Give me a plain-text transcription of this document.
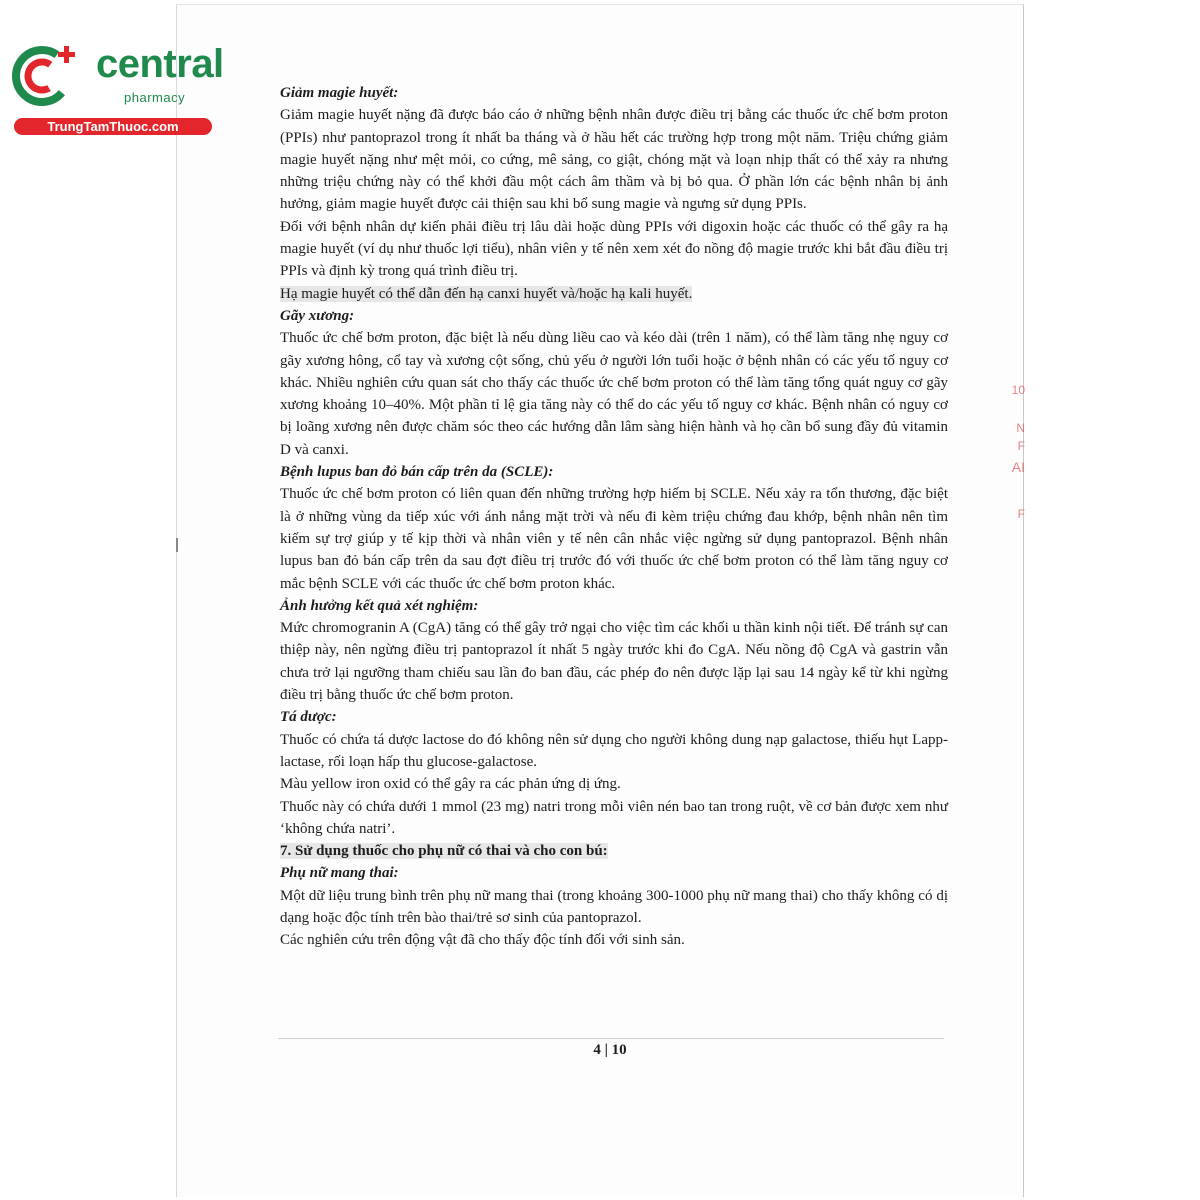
central
pharmacy
TrungTamThuoc.com
10
N
F
AI
F

Giảm magie huyết:

Giảm magie huyết nặng đã được báo cáo ở những bệnh nhân được điều trị bằng các thuốc ức chế bơm proton (PPIs) như pantoprazol trong ít nhất ba tháng và ở hầu hết các trường hợp trong một năm. Triệu chứng giảm magie huyết nặng như mệt mỏi, co cứng, mê sảng, co giật, chóng mặt và loạn nhịp thất có thể xảy ra nhưng những triệu chứng này có thể khởi đầu một cách âm thầm và bị bỏ qua. Ở phần lớn các bệnh nhân bị ảnh hưởng, giảm magie huyết được cải thiện sau khi bổ sung magie và ngưng sử dụng PPIs.

Đối với bệnh nhân dự kiến phải điều trị lâu dài hoặc dùng PPIs với digoxin hoặc các thuốc có thể gây ra hạ magie huyết (ví dụ như thuốc lợi tiểu), nhân viên y tế nên xem xét đo nồng độ magie trước khi bắt đầu điều trị PPIs và định kỳ trong quá trình điều trị.

Hạ magie huyết có thể dẫn đến hạ canxi huyết và/hoặc hạ kali huyết.

Gãy xương:

Thuốc ức chế bơm proton, đặc biệt là nếu dùng liều cao và kéo dài (trên 1 năm), có thể làm tăng nhẹ nguy cơ gãy xương hông, cổ tay và xương cột sống, chủ yếu ở người lớn tuổi hoặc ở bệnh nhân có các yếu tố nguy cơ khác. Nhiều nghiên cứu quan sát cho thấy các thuốc ức chế bơm proton có thể làm tăng tổng quát nguy cơ gãy xương khoảng 10–40%. Một phần tỉ lệ gia tăng này có thể do các yếu tố nguy cơ khác. Bệnh nhân có nguy cơ bị loãng xương nên được chăm sóc theo các hướng dẫn lâm sàng hiện hành và họ cần bổ sung đầy đủ vitamin D và canxi.

Bệnh lupus ban đỏ bán cấp trên da (SCLE):

Thuốc ức chế bơm proton có liên quan đến những trường hợp hiếm bị SCLE. Nếu xảy ra tổn thương, đặc biệt là ở những vùng da tiếp xúc với ánh nắng mặt trời và nếu đi kèm triệu chứng đau khớp, bệnh nhân nên tìm kiếm sự trợ giúp y tế kịp thời và nhân viên y tế nên cân nhắc việc ngừng sử dụng pantoprazol. Bệnh nhân lupus ban đỏ bán cấp trên da sau đợt điều trị trước đó với thuốc ức chế bơm proton có thể làm tăng nguy cơ mắc bệnh SCLE với các thuốc ức chế bơm proton khác.

Ảnh hưởng kết quả xét nghiệm:

Mức chromogranin A (CgA) tăng có thể gây trở ngại cho việc tìm các khối u thần kinh nội tiết. Để tránh sự can thiệp này, nên ngừng điều trị pantoprazol ít nhất 5 ngày trước khi đo CgA. Nếu nồng độ CgA và gastrin vẫn chưa trở lại ngưỡng tham chiếu sau lần đo ban đầu, các phép đo nên được lặp lại sau 14 ngày kể từ khi ngừng điều trị bằng thuốc ức chế bơm proton.

Tá dược:

Thuốc có chứa tá dược lactose do đó không nên sử dụng cho người không dung nạp galactose, thiếu hụt Lapp-lactase, rối loạn hấp thu glucose-galactose.

Màu yellow iron oxid có thể gây ra các phản ứng dị ứng.

Thuốc này có chứa dưới 1 mmol (23 mg) natri trong mỗi viên nén bao tan trong ruột, về cơ bản được xem như ‘không chứa natri’.

7. Sử dụng thuốc cho phụ nữ có thai và cho con bú:

Phụ nữ mang thai:

Một dữ liệu trung bình trên phụ nữ mang thai (trong khoảng 300-1000 phụ nữ mang thai) cho thấy không có dị dạng hoặc độc tính trên bào thai/trẻ sơ sinh của pantoprazol.

Các nghiên cứu trên động vật đã cho thấy độc tính đối với sinh sản.

4 | 10
